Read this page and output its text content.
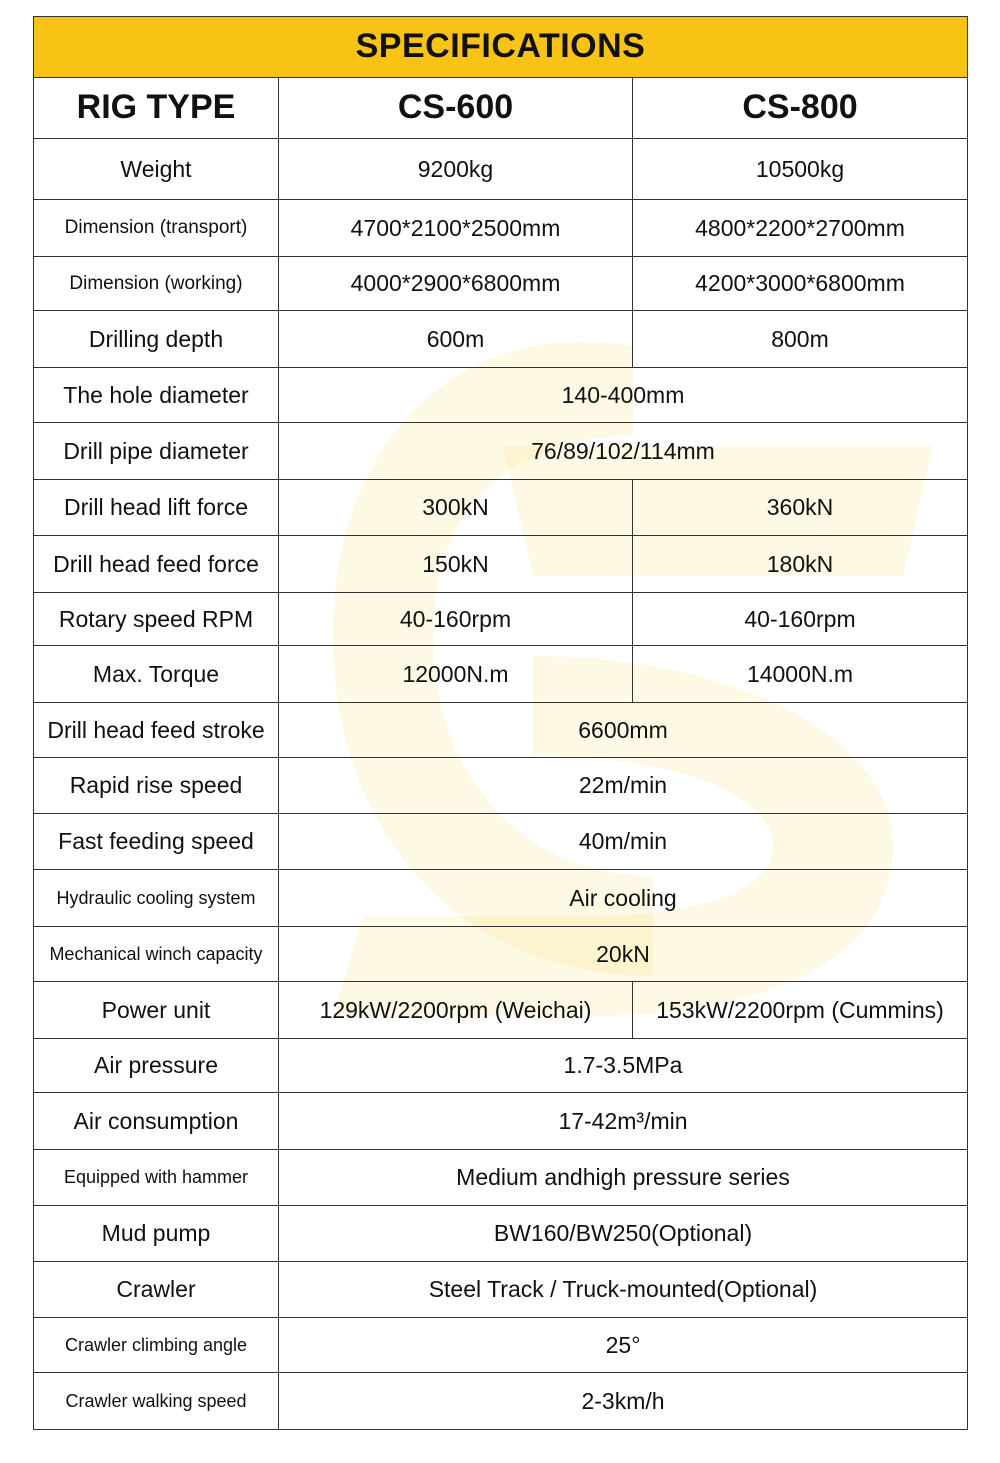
SPECIFICATIONS		
RIG TYPE	CS-600	CS-800
Weight	9200kg	10500kg
Dimension (transport)	4700*2100*2500mm	4800*2200*2700mm
Dimension (working)	4000*2900*6800mm	4200*3000*6800mm
Drilling depth	600m	800m
The hole diameter	140-400mm	
Drill pipe diameter	76/89/102/114mm	
Drill head lift force	300kN	360kN
Drill head feed force	150kN	180kN
Rotary speed RPM	40-160rpm	40-160rpm
Max. Torque	12000N.m	14000N.m
Drill head feed stroke	6600mm	
Rapid rise speed	22m/min	
Fast feeding speed	40m/min	
Hydraulic cooling system	Air cooling	
Mechanical winch capacity	20kN	
Power unit	129kW/2200rpm (Weichai)	153kW/2200rpm (Cummins)
Air pressure	1.7-3.5MPa	
Air consumption	17-42m³/min	
Equipped with hammer	Medium andhigh pressure series	
Mud pump	BW160/BW250(Optional)	
Crawler	Steel Track / Truck-mounted(Optional)	
Crawler climbing angle	25°	
Crawler walking speed	2-3km/h	
